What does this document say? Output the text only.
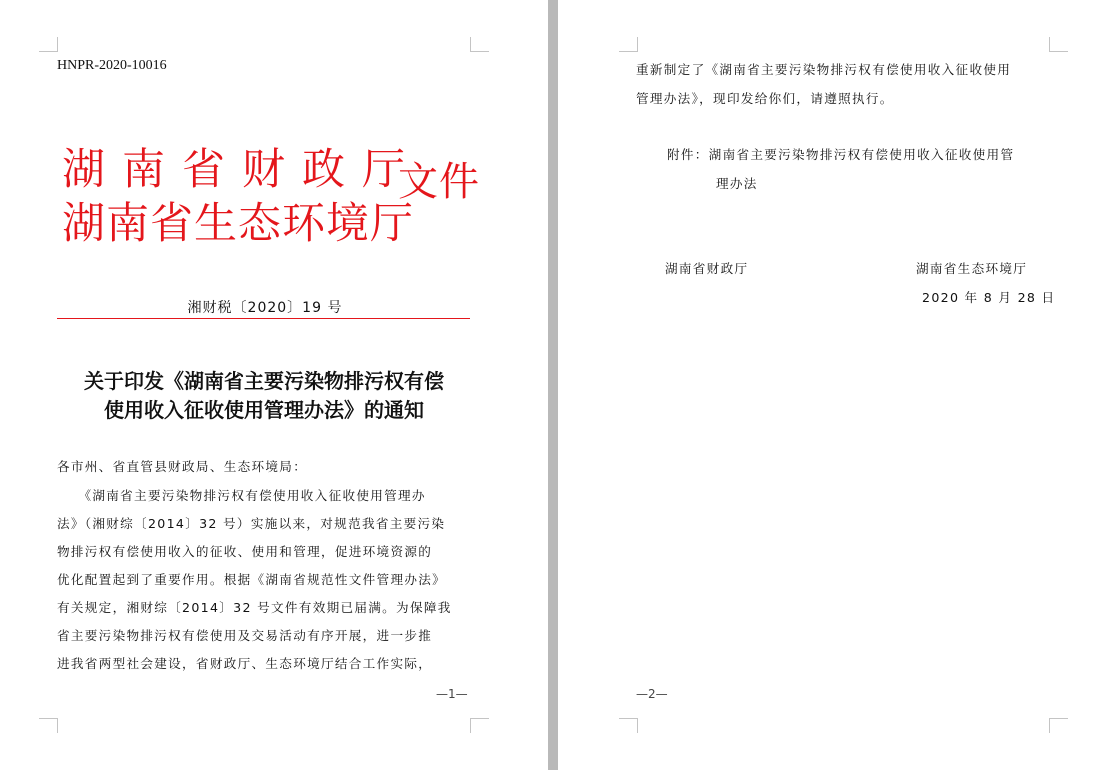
HNPR-2020-10016
湖南省财政厅
湖南省生态环境厅
文件
湘财税〔2020〕19 号
关于印发《湖南省主要污染物排污权有偿
使用收入征收使用管理办法》的通知
各市州、省直管县财政局、生态环境局：
　　《湖南省主要污染物排污权有偿使用收入征收使用管理办
法》（湘财综〔2014〕32 号）实施以来，对规范我省主要污染
物排污权有偿使用收入的征收、使用和管理，促进环境资源的
优化配置起到了重要作用。根据《湖南省规范性文件管理办法》
有关规定，湘财综〔2014〕32 号文件有效期已届满。为保障我
省主要污染物排污权有偿使用及交易活动有序开展，进一步推
进我省两型社会建设，省财政厅、生态环境厅结合工作实际，
—1—
重新制定了《湖南省主要污染物排污权有偿使用收入征收使用
管理办法》，现印发给你们，请遵照执行。
附件：湖南省主要污染物排污权有偿使用收入征收使用管
理办法
湖南省财政厅	湖南省生态环境厅
2020 年 8 月 28 日
—2—
